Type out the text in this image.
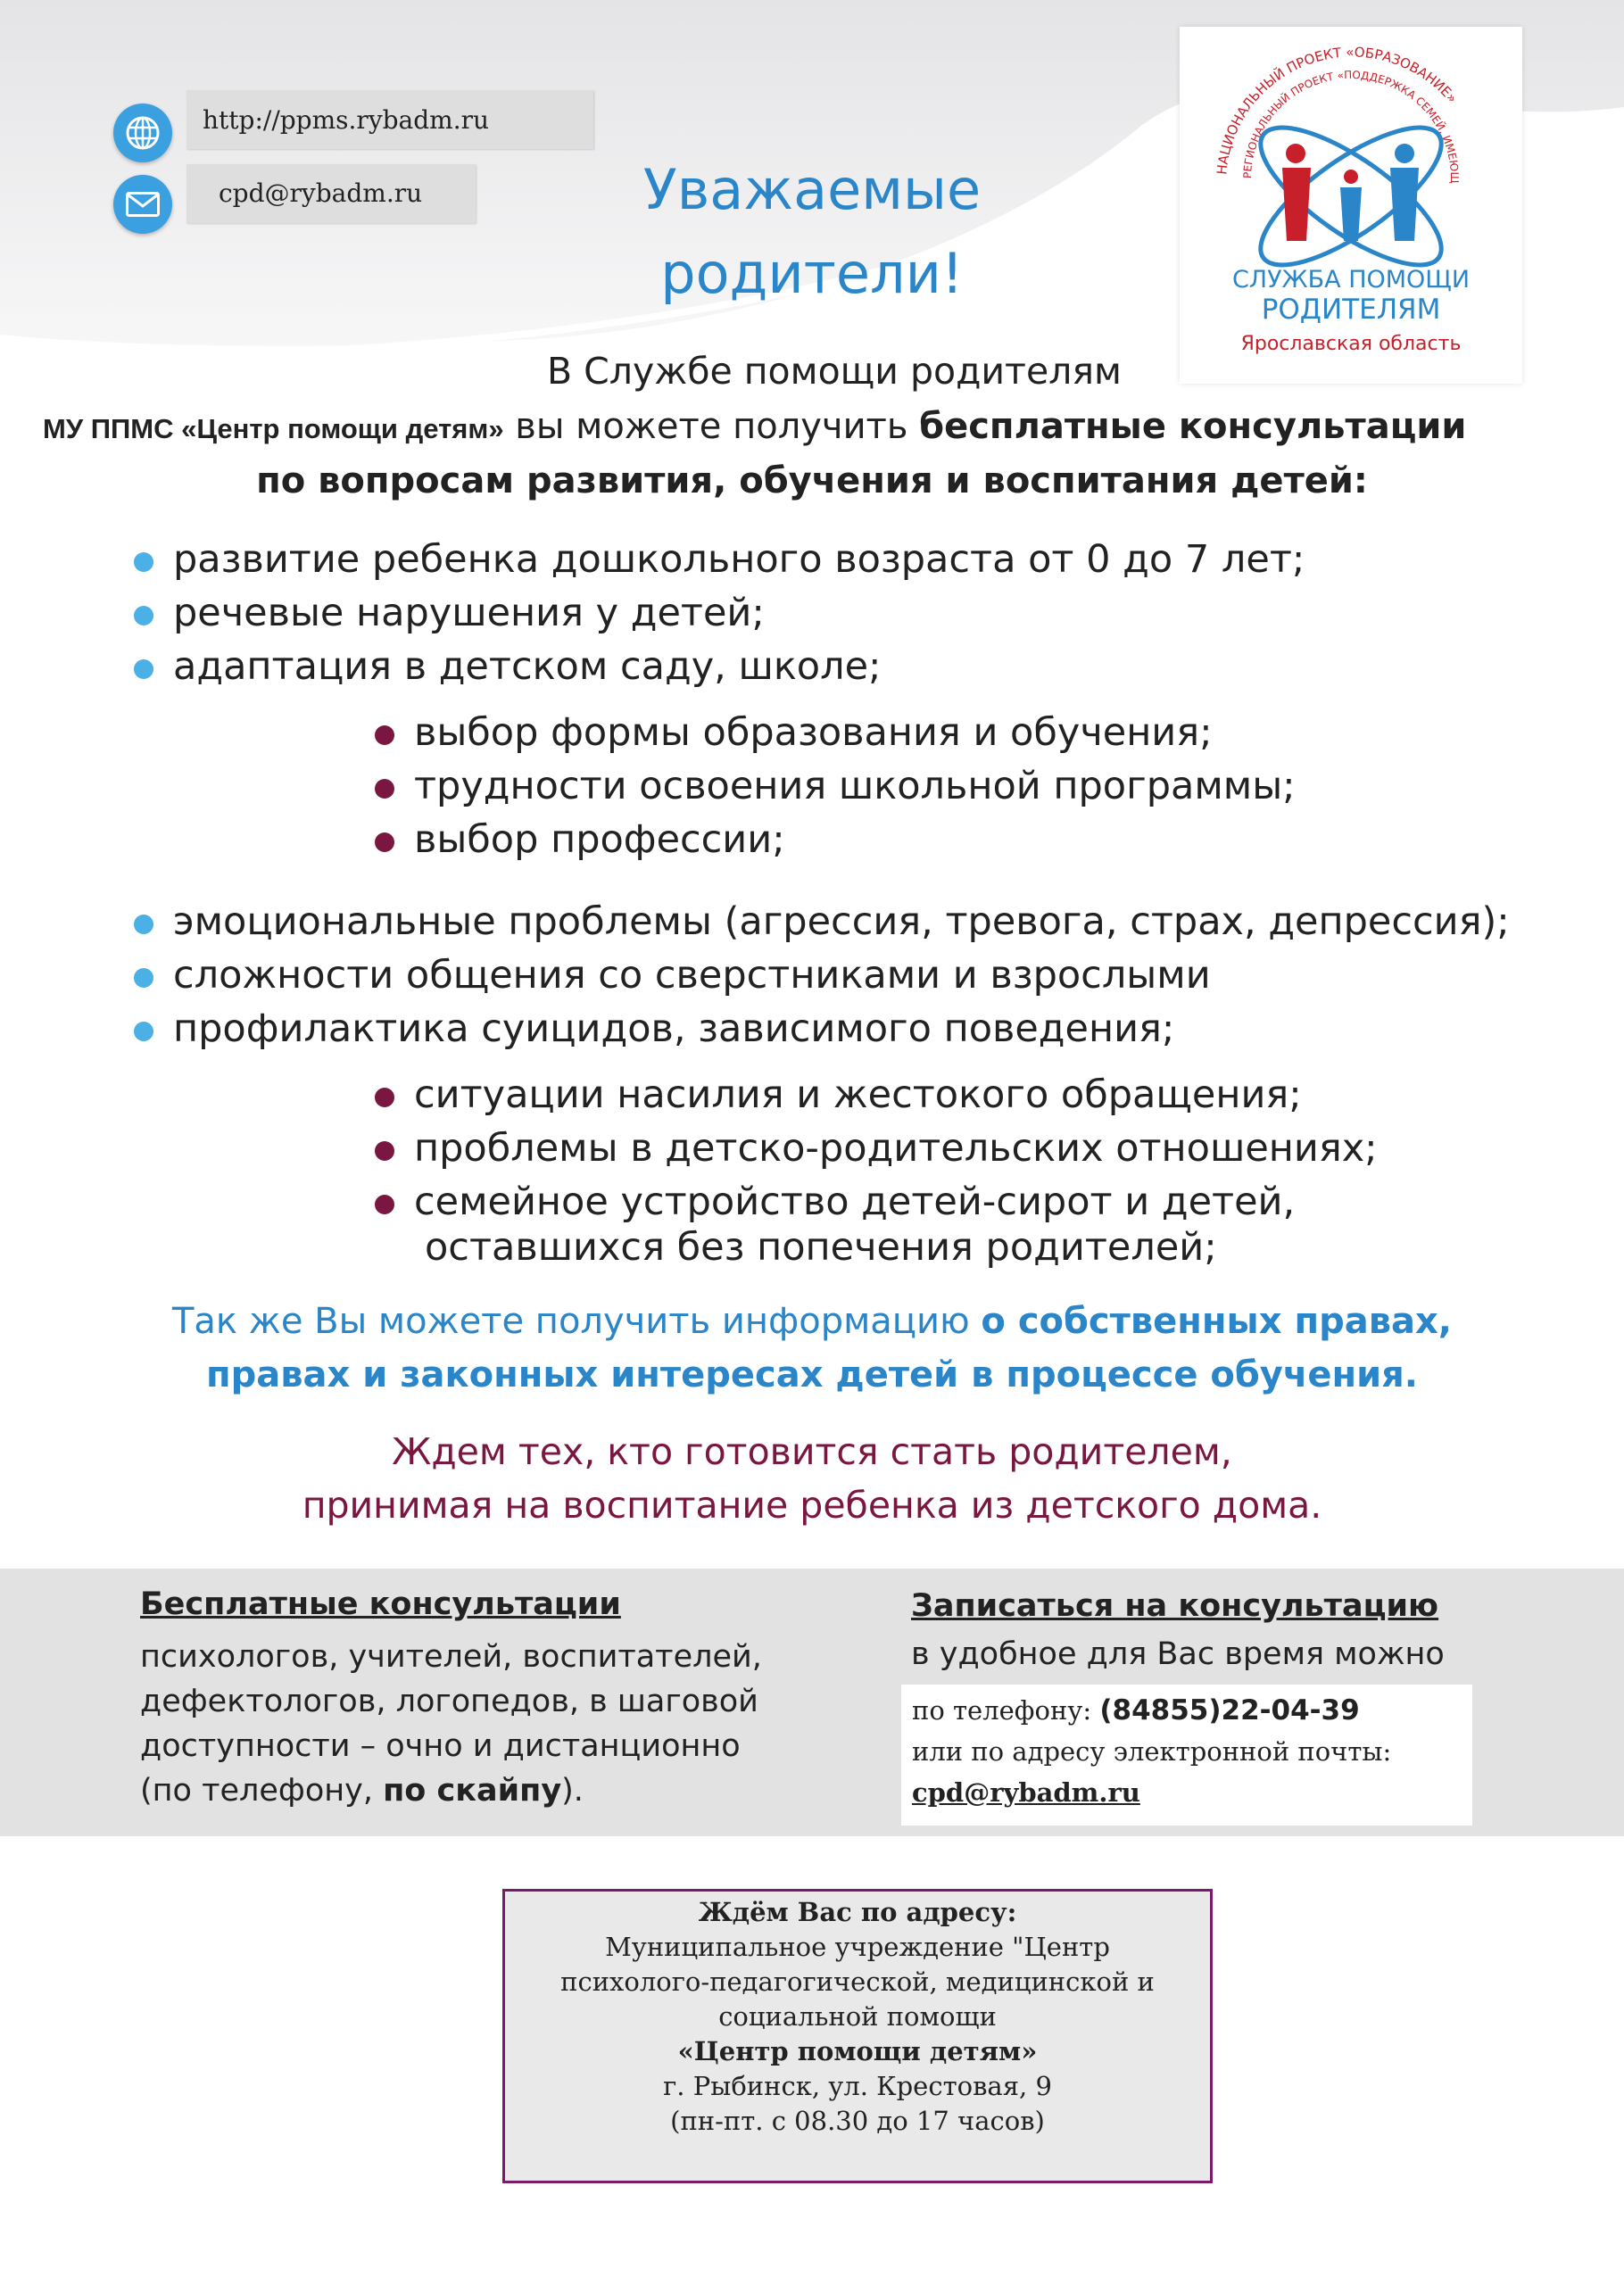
http://ppms.rybadm.ru
cpd@rybadm.ru
НАЦИОНАЛЬНЫЙ ПРОЕКТ «ОБРАЗОВАНИЕ»
РЕГИОНАЛЬНЫЙ ПРОЕКТ «ПОДДЕРЖКА СЕМЕЙ, ИМЕЮЩ
СЛУЖБА ПОМОЩИ
РОДИТЕЛЯМ
Ярославская область
Уважаемые
родители!
В Службе помощи родителям
МУ ППМС «Центр помощи детям» вы можете получить бесплатные консультации
по вопросам развития, обучения и воспитания детей:
развитие ребенка дошкольного возраста от 0 до 7 лет;
речевые нарушения у детей;
адаптация в детском саду, школе;
выбор формы образования и обучения;
трудности освоения школьной программы;
выбор профессии;
эмоциональные проблемы (агрессия, тревога, страх, депрессия);
сложности общения со сверстниками и взрослыми
профилактика суицидов, зависимого поведения;
ситуации насилия и жестокого обращения;
проблемы в детско-родительских отношениях;
семейное устройство детей-сирот и детей,
оставшихся без попечения родителей;
Так же Вы можете получить информацию о собственных правах,
правах и законных интересах детей в процессе обучения.
Ждем тех, кто готовится стать родителем,
принимая на воспитание ребенка из детского дома.
Бесплатные консультации
психологов, учителей, воспитателей,
дефектологов, логопедов, в шаговой
доступности – очно и дистанционно
(по телефону, по скайпу).
Записаться на консультацию
в удобное для Вас время можно
по телефону: (84855)22-04-39
или по адресу электронной почты:
cpd@rybadm.ru
Ждём Вас по адресу:
Муниципальное учреждение "Центр
психолого-педагогической, медицинской и
социальной помощи
«Центр помощи детям»
г. Рыбинск, ул. Крестовая, 9
(пн-пт. с 08.30 до 17 часов)
